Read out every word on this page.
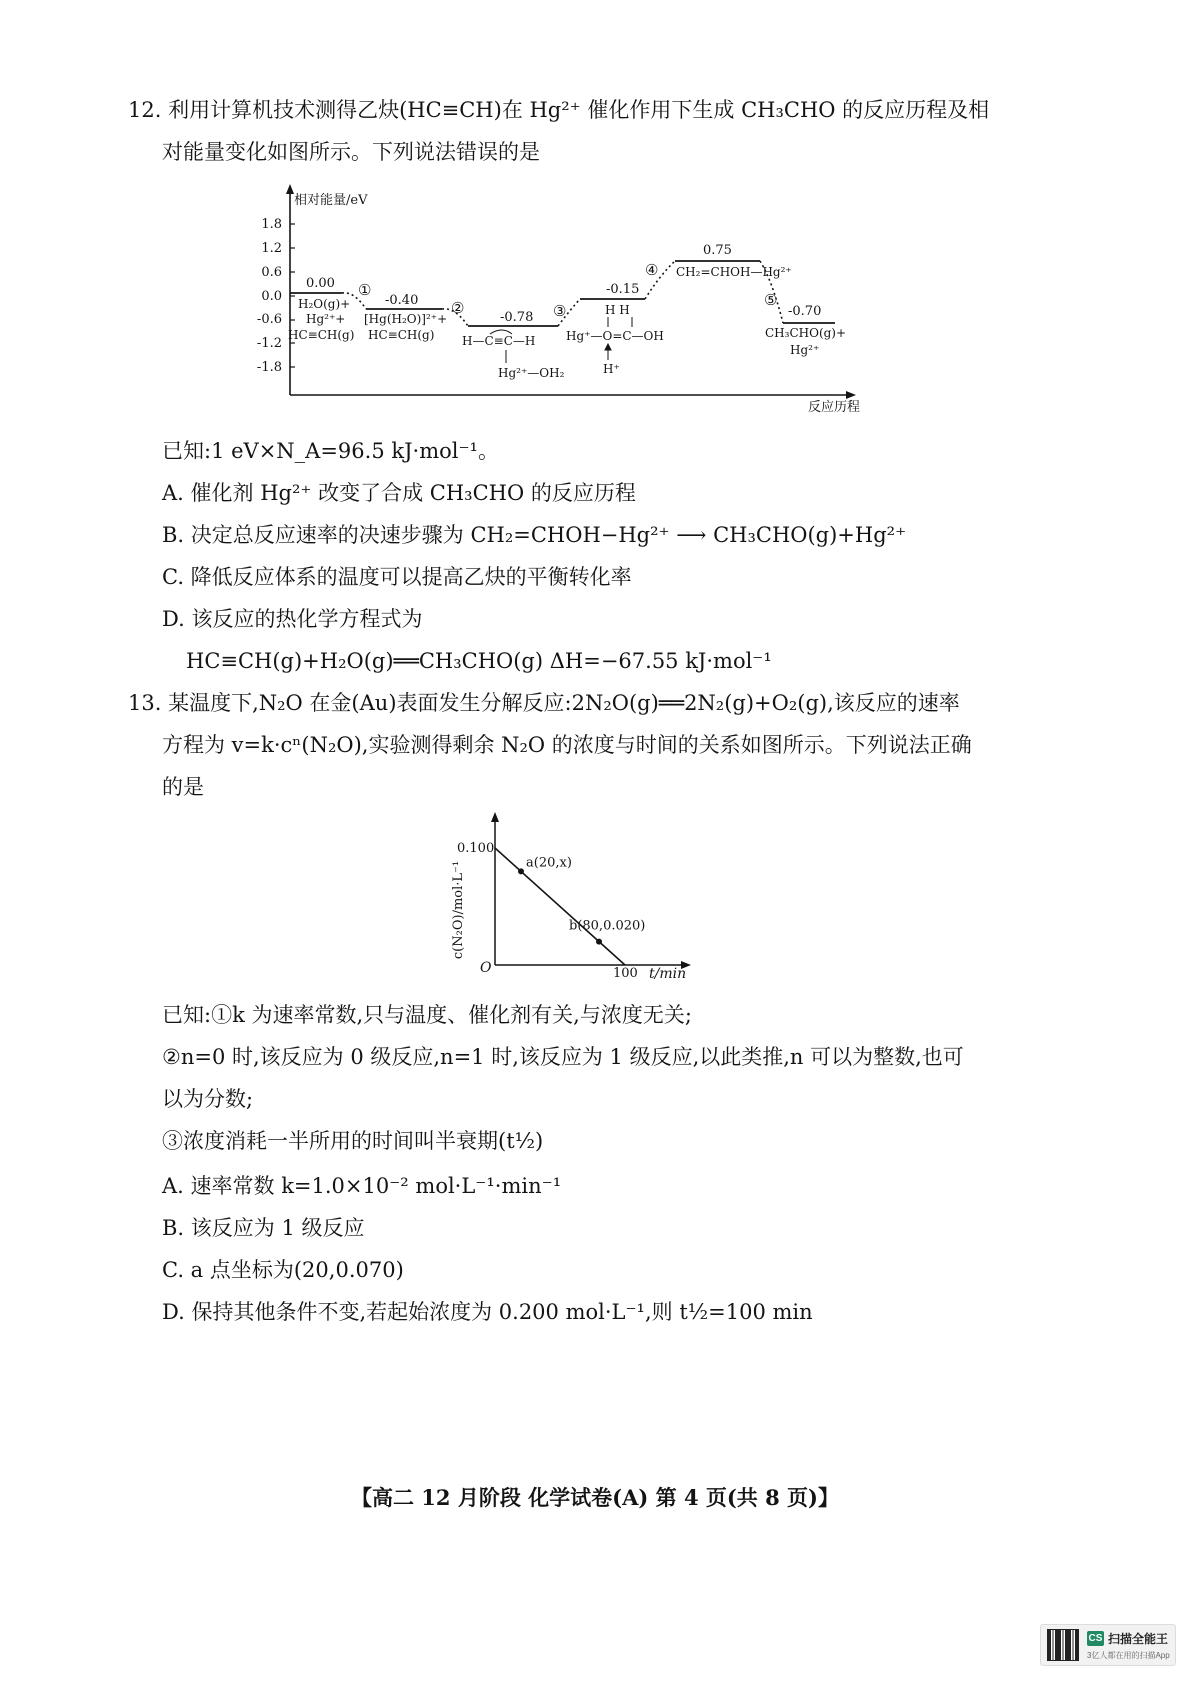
12. 利用计算机技术测得乙炔(HC≡CH)在 Hg²⁺ 催化作用下生成 CH₃CHO 的反应历程及相
对能量变化如图所示。下列说法错误的是
相对能量/eV
反应历程
1.8
1.2
0.6
0.0
-0.6
-1.2
-1.8
①
②	③
④
⑤
0.00
-0.40
-0.78
-0.15
0.75
-0.70
H₂O(g)+
Hg²⁺+
HC≡CH(g)
[Hg(H₂O)]²⁺+
HC≡CH(g) H—C≡C—H
Hg²⁺—OH₂
H H
Hg⁺—O=C—OH
H⁺
CH₂=CHOH—Hg²⁺
CH₃CHO(g)+
Hg²⁺
已知:1 eV×N_A=96.5 kJ·mol⁻¹。
A. 催化剂 Hg²⁺ 改变了合成 CH₃CHO 的反应历程
B. 决定总反应速率的决速步骤为 CH₂=CHOH−Hg²⁺ ⟶ CH₃CHO(g)+Hg²⁺
C. 降低反应体系的温度可以提高乙炔的平衡转化率
D. 该反应的热化学方程式为
HC≡CH(g)+H₂O(g)══CH₃CHO(g) ΔH=−67.55 kJ·mol⁻¹
13. 某温度下,N₂O 在金(Au)表面发生分解反应:2N₂O(g)══2N₂(g)+O₂(g),该反应的速率
方程为 v=k·cⁿ(N₂O),实验测得剩余 N₂O 的浓度与时间的关系如图所示。下列说法正确
的是
c(N₂O)/mol·L⁻¹
t/min
O
0.100
100
a(20,x)
b(80,0.020)
已知:①k 为速率常数,只与温度、催化剂有关,与浓度无关;
②n=0 时,该反应为 0 级反应,n=1 时,该反应为 1 级反应,以此类推,n 可以为整数,也可
以为分数;
③浓度消耗一半所用的时间叫半衰期(t½)
A. 速率常数 k=1.0×10⁻² mol·L⁻¹·min⁻¹
B. 该反应为 1 级反应
C. a 点坐标为(20,0.070)
D. 保持其他条件不变,若起始浓度为 0.200 mol·L⁻¹,则 t½=100 min
【高二 12 月阶段 化学试卷(A) 第 4 页(共 8 页)】
CS 扫描全能王
3亿人都在用的扫描App
